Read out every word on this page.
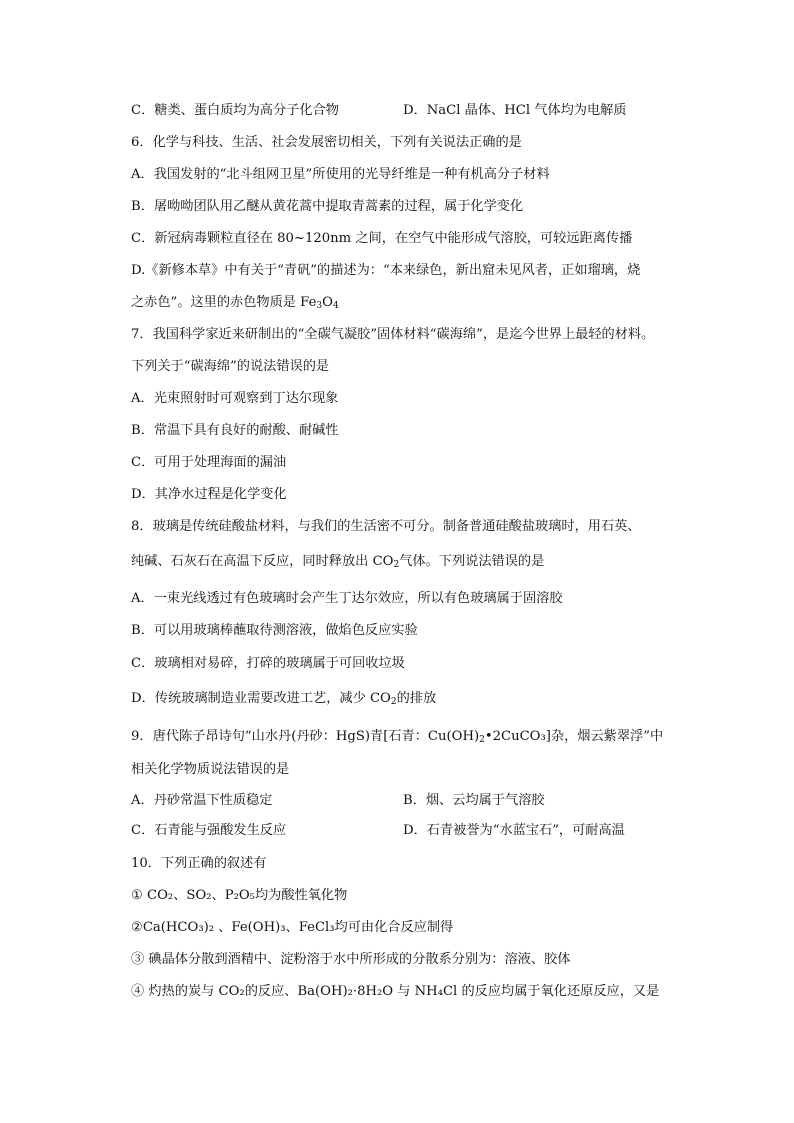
C．糖类、蛋白质均为高分子化合物	D．NaCl 晶体、HCl 气体均为电解质
6．化学与科技、生活、社会发展密切相关，下列有关说法正确的是
A．我国发射的“北斗组网卫星”所使用的光导纤维是一种有机高分子材料
B．屠呦呦团队用乙醚从黄花蒿中提取青蒿素的过程，属于化学变化
C．新冠病毒颗粒直径在 80~120nm 之间，在空气中能形成气溶胶，可较远距离传播
D.《新修本草》中有关于“青矾”的描述为：“本来绿色，新出窟未见风者，正如瑠璃，烧
之赤色”。这里的赤色物质是 $Fe_3O_4$
7．我国科学家近来研制出的“全碳气凝胶”固体材料“碳海绵”，是迄今世界上最轻的材料。
下列关于“碳海绵”的说法错误的是
A．光束照射时可观察到丁达尔现象
B．常温下具有良好的耐酸、耐碱性
C．可用于处理海面的漏油
D．其净水过程是化学变化
8．玻璃是传统硅酸盐材料，与我们的生活密不可分。制备普通硅酸盐玻璃时，用石英、
纯碱、石灰石在高温下反应，同时释放出 $CO_2$气体。下列说法错误的是
A．一束光线透过有色玻璃时会产生丁达尔效应，所以有色玻璃属于固溶胶
B．可以用玻璃棒蘸取待测溶液，做焰色反应实验
C．玻璃相对易碎，打碎的玻璃属于可回收垃圾
D．传统玻璃制造业需要改进工艺，减少 $CO_2$的排放
9．唐代陈子昂诗句“山水丹(丹砂：HgS)青[石青：$Cu(OH)_2•2CuCO_3$]杂，烟云紫翠浮”中
相关化学物质说法错误的是
A．丹砂常温下性质稳定	B．烟、云均属于气溶胶
C．石青能与强酸发生反应	D．石青被誉为“水蓝宝石”，可耐高温
10．下列正确的叙述有
① CO₂、SO₂、P₂O₅均为酸性氧化物
②Ca(HCO₃)₂ 、Fe(OH)₃、FeCl₃均可由化合反应制得
③ 碘晶体分散到酒精中、淀粉溶于水中所形成的分散系分别为：溶液、胶体
④ 灼热的炭与 CO₂的反应、Ba(OH)₂·8H₂O 与 NH₄Cl 的反应均属于氧化还原反应，又是
